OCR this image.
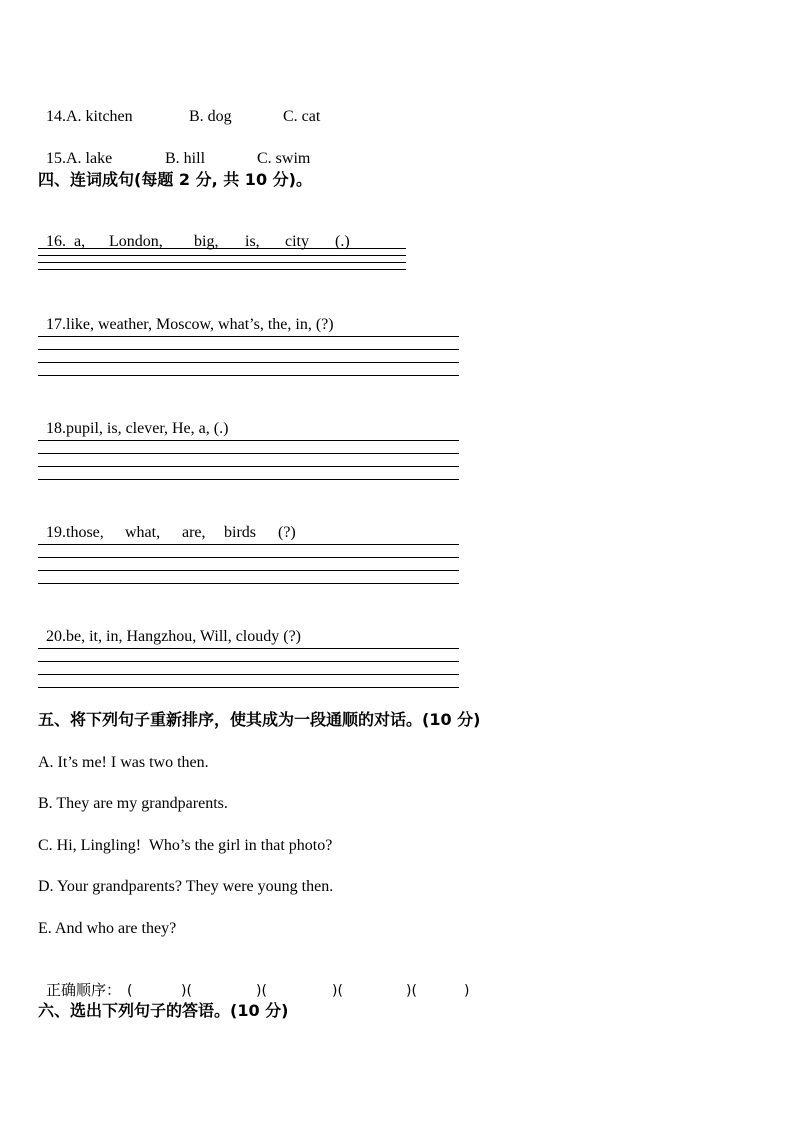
14.A. kitchen	B. dog	C. cat

15.A. lake	B. hill	C. swim

四、连词成句(每题 2 分, 共 10 分)。

16. a, London, big, is, city (.)

17.like, weather, Moscow, what’s, the, in, (?)

18.pupil, is, clever, He, a, (.)

19.those, what, are, birds (?)

20.be, it, in, Hangzhou, Will, cloudy (?)

五、将下列句子重新排序，使其成为一段通顺的对话。(10 分)
A. It’s me! I was two then.
B. They are my grandparents.
C. Hi, Lingling!  Who’s the girl in that photo?
D. Your grandparents? They were young then.
E. And who are they?

正确顺序： (	)(	)(	)(	)(	)

六、选出下列句子的答语。(10 分)
